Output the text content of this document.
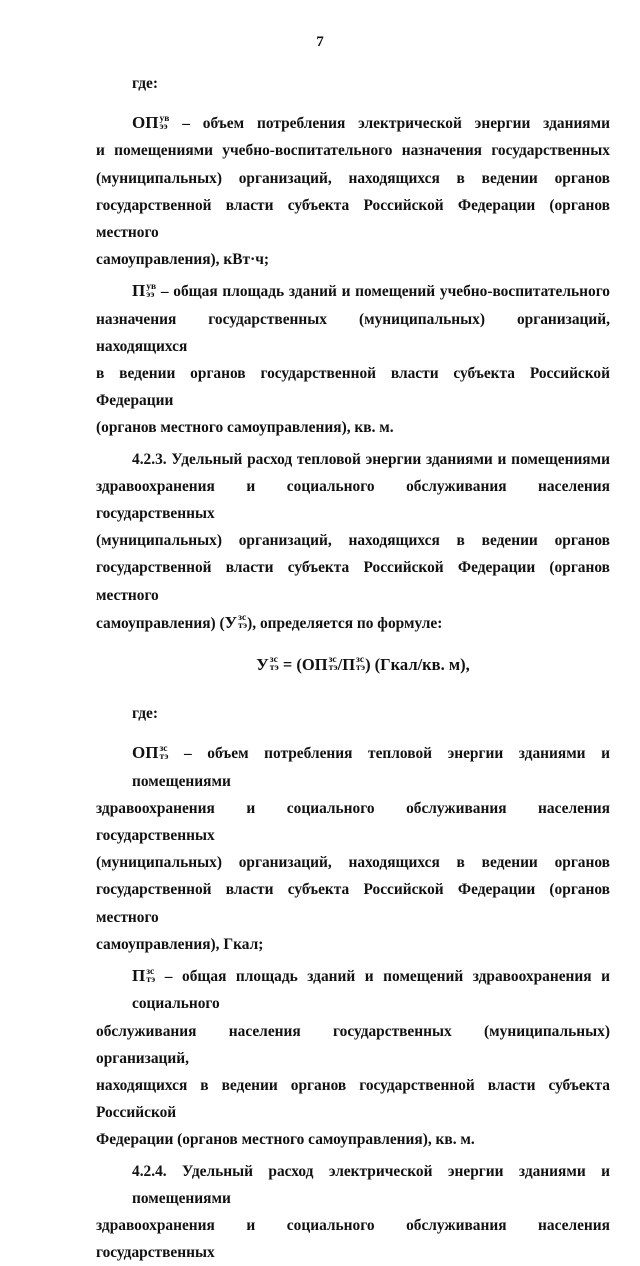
7
где:
ОП ув
ээ – объем потребления электрической энергии зданиями
и помещениями учебно-воспитательного назначения государственных
(муниципальных) организаций, находящихся в ведении органов
государственной власти субъекта Российской Федерации (органов местного
самоуправления), кВт·ч;
П ув
ээ – общая площадь зданий и помещений учебно-воспитательного
назначения государственных (муниципальных) организаций, находящихся
в ведении органов государственной власти субъекта Российской Федерации
(органов местного самоуправления), кв. м.
4.2.3. Удельный расход тепловой энергии зданиями и помещениями
здравоохранения и социального обслуживания населения государственных
(муниципальных) организаций, находящихся в ведении органов
государственной власти субъекта Российской Федерации (органов местного
самоуправления) (У зс
тэ ), определяется по формуле:
У зс
тэ = (ОП зс
тэ /П зс
тэ ) (Гкал/кв. м),
где:
ОП зс
тэ – объем потребления тепловой энергии зданиями и помещениями
здравоохранения и социального обслуживания населения государственных
(муниципальных) организаций, находящихся в ведении органов
государственной власти субъекта Российской Федерации (органов местного
самоуправления), Гкал;
П зс
тэ – общая площадь зданий и помещений здравоохранения и социального
обслуживания населения государственных (муниципальных) организаций,
находящихся в ведении органов государственной власти субъекта Российской
Федерации (органов местного самоуправления), кв. м.
4.2.4. Удельный расход электрической энергии зданиями и помещениями
здравоохранения и социального обслуживания населения государственных
